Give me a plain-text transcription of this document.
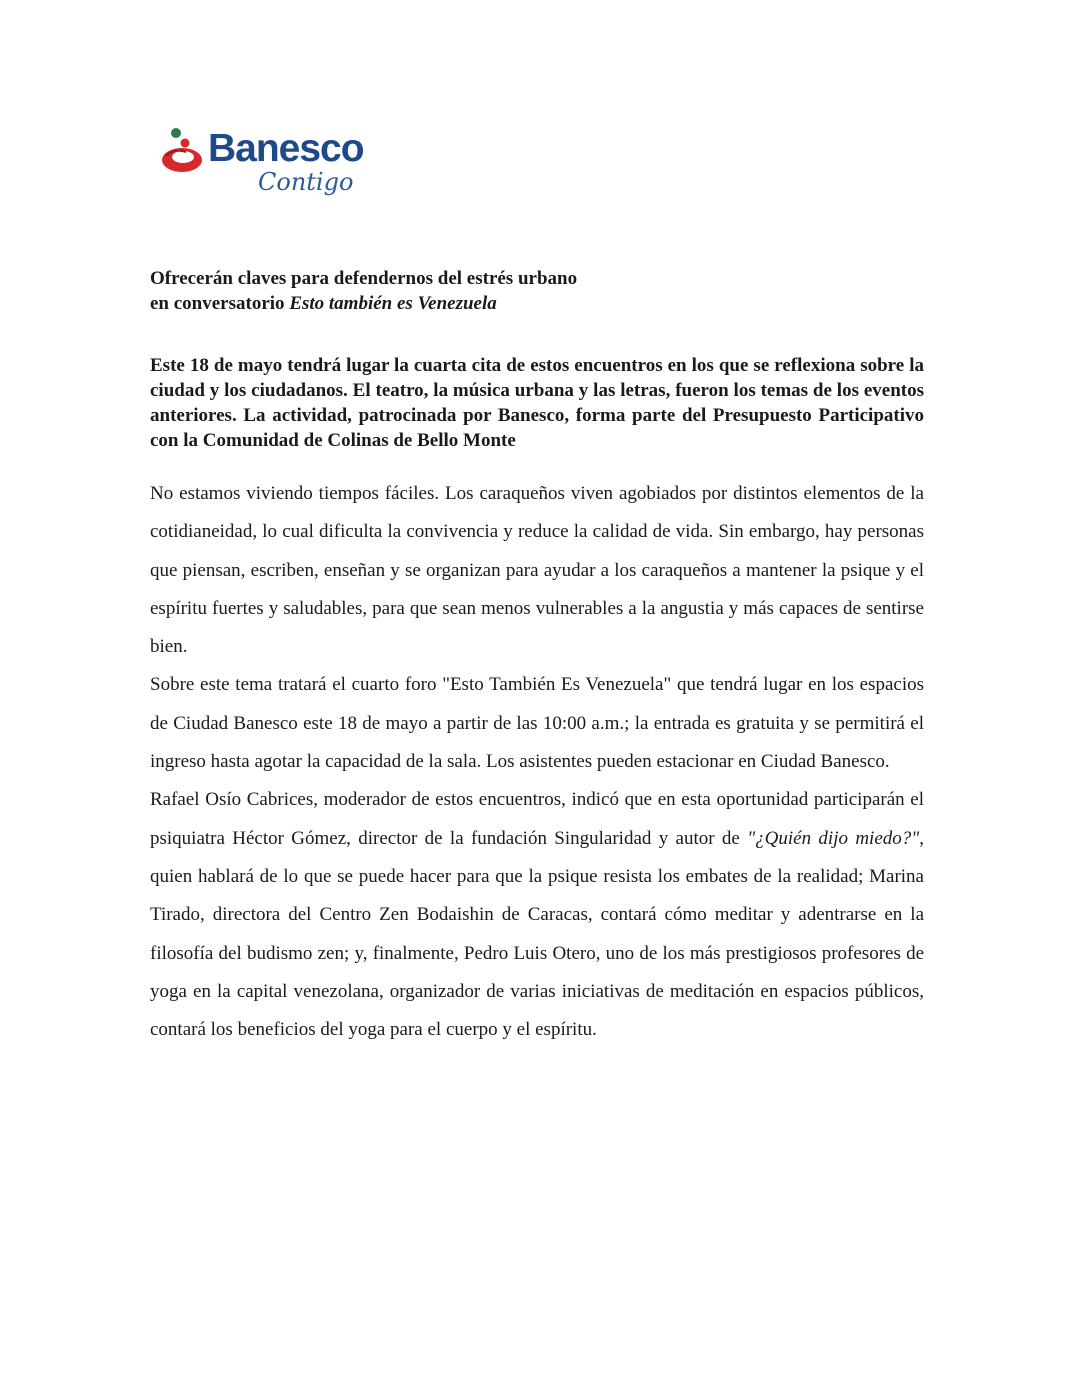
Banesco
Contigo
Ofrecerán claves para defendernos del estrés urbano
en conversatorio Esto también es Venezuela

Este 18 de mayo tendrá lugar la cuarta cita de estos encuentros en los que se reflexiona sobre la ciudad y los ciudadanos. El teatro, la música urbana y las letras, fueron los temas de los eventos anteriores. La actividad, patrocinada por Banesco, forma parte del Presupuesto Participativo con la Comunidad de Colinas de Bello Monte

No estamos viviendo tiempos fáciles. Los caraqueños viven agobiados por distintos elementos de la cotidianeidad, lo cual dificulta la convivencia y reduce la calidad de vida. Sin embargo, hay personas que piensan, escriben, enseñan y se organizan para ayudar a los caraqueños a mantener la psique y el espíritu fuertes y saludables, para que sean menos vulnerables a la angustia y más capaces de sentirse bien.

Sobre este tema tratará el cuarto foro "Esto También Es Venezuela" que tendrá lugar en los espacios de Ciudad Banesco este 18 de mayo a partir de las 10:00 a.m.; la entrada es gratuita y se permitirá el ingreso hasta agotar la capacidad de la sala. Los asistentes pueden estacionar en Ciudad Banesco.

Rafael Osío Cabrices, moderador de estos encuentros, indicó que en esta oportunidad participarán el psiquiatra Héctor Gómez, director de la fundación Singularidad y autor de "¿Quién dijo miedo?", quien hablará de lo que se puede hacer para que la psique resista los embates de la realidad; Marina Tirado, directora del Centro Zen Bodaishin de Caracas, contará cómo meditar y adentrarse en la filosofía del budismo zen; y, finalmente, Pedro Luis Otero, uno de los más prestigiosos profesores de yoga en la capital venezolana, organizador de varias iniciativas de meditación en espacios públicos, contará los beneficios del yoga para el cuerpo y el espíritu.
